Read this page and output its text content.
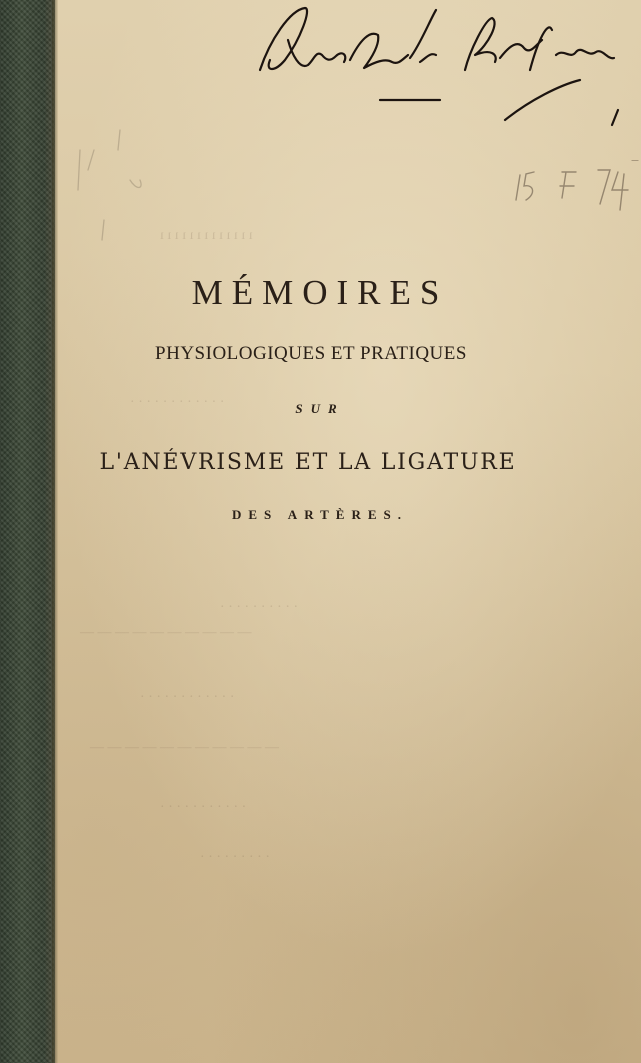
ı ı ı ı ı ı ı ı ı ı ı ı ı
· · · · · · · · · · · ·
· · · · · · · · · ·
— — — — — — — — — —
· · · · · · · · · · · ·
— — — — — — — — — — —
· · · · · · · · · · ·
· · · · · · · · ·
MÉMOIRES
PHYSIOLOGIQUES ET PRATIQUES
SUR
L'ANÉVRISME ET LA LIGATURE
DES ARTÈRES.
